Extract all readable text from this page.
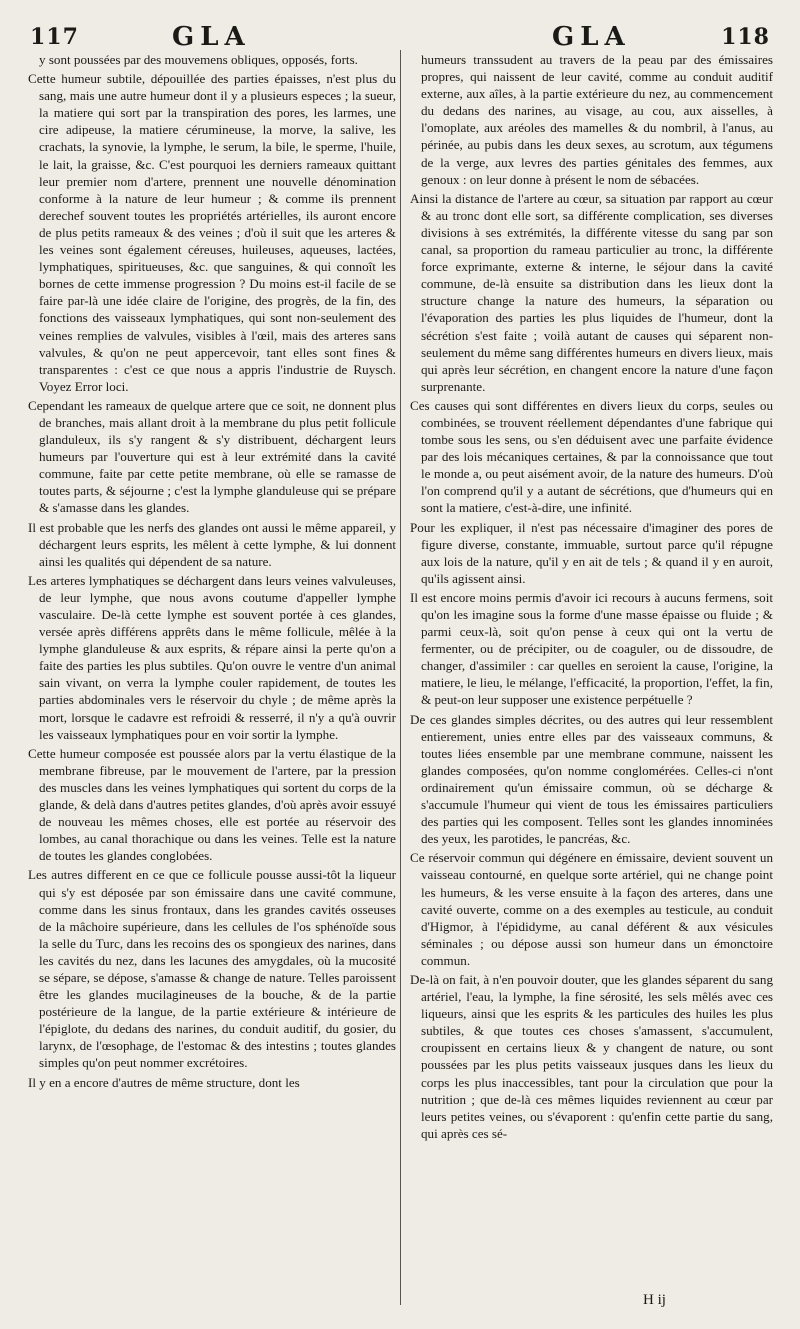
117	GLA	GLA	118

y sont poussées par des mouvemens obliques, opposés, forts.

Cette humeur subtile, dépouillée des parties épaisses, n'est plus du sang, mais une autre humeur dont il y a plusieurs especes ; la sueur, la matiere qui sort par la transpiration des pores, les larmes, une cire adipeuse, la matiere cérumineuse, la morve, la salive, les crachats, la synovie, la lymphe, le serum, la bile, le sperme, l'huile, le lait, la graisse, &c. C'est pourquoi les derniers rameaux quittant leur premier nom d'artere, prennent une nouvelle dénomination conforme à la nature de leur humeur ; & comme ils prennent derechef souvent toutes les propriétés artérielles, ils auront encore de plus petits rameaux & des veines ; d'où il suit que les arteres & les veines sont également céreuses, huileuses, aqueuses, lactées, lymphatiques, spiritueuses, &c. que sanguines, & qui connoît les bornes de cette immense progression ? Du moins est-il facile de se faire par-là une idée claire de l'origine, des progrès, de la fin, des fonctions des vaisseaux lymphatiques, qui sont non-seulement des veines remplies de valvules, visibles à l'œil, mais des arteres sans valvules, & qu'on ne peut appercevoir, tant elles sont fines & transparentes : c'est ce que nous a appris l'industrie de Ruysch. Voyez Error loci.

Cependant les rameaux de quelque artere que ce soit, ne donnent plus de branches, mais allant droit à la membrane du plus petit follicule glanduleux, ils s'y rangent & s'y distribuent, déchargent leurs humeurs par l'ouverture qui est à leur extrémité dans la cavité commune, faite par cette petite membrane, où elle se ramasse de toutes parts, & séjourne ; c'est la lymphe glanduleuse qui se prépare & s'amasse dans les glandes.

Il est probable que les nerfs des glandes ont aussi le même appareil, y déchargent leurs esprits, les mêlent à cette lymphe, & lui donnent ainsi les qualités qui dépendent de sa nature.

Les arteres lymphatiques se déchargent dans leurs veines valvuleuses, de leur lymphe, que nous avons coutume d'appeller lymphe vasculaire. De-là cette lymphe est souvent portée à ces glandes, versée après différens apprêts dans le même follicule, mêlée à la lymphe glanduleuse & aux esprits, & répare ainsi la perte qu'on a faite des parties les plus subtiles. Qu'on ouvre le ventre d'un animal sain vivant, on verra la lymphe couler rapidement, de toutes les parties abdominales vers le réservoir du chyle ; de même après la mort, lorsque le cadavre est refroidi & resserré, il n'y a qu'à ouvrir les vaisseaux lymphatiques pour en voir sortir la lymphe.

Cette humeur composée est poussée alors par la vertu élastique de la membrane fibreuse, par le mouvement de l'artere, par la pression des muscles dans les veines lymphatiques qui sortent du corps de la glande, & delà dans d'autres petites glandes, d'où après avoir essuyé de nouveau les mêmes choses, elle est portée au réservoir des lombes, au canal thorachique ou dans les veines. Telle est la nature de toutes les glandes conglobées.

Les autres different en ce que ce follicule pousse aussi-tôt la liqueur qui s'y est déposée par son émissaire dans une cavité commune, comme dans les sinus frontaux, dans les grandes cavités osseuses de la mâchoire supérieure, dans les cellules de l'os sphénoïde sous la selle du Turc, dans les recoins des os spongieux des narines, dans les cavités du nez, dans les lacunes des amygdales, où la mucosité se sépare, se dépose, s'amasse & change de nature. Telles paroissent être les glandes mucilagineuses de la bouche, & de la partie postérieure de la langue, de la partie extérieure & intérieure de l'épiglote, du dedans des narines, du conduit auditif, du gosier, du larynx, de l'œsophage, de l'estomac & des intestins ; toutes glandes simples qu'on peut nommer excrétoires.

Il y en a encore d'autres de même structure, dont les

humeurs transsudent au travers de la peau par des émissaires propres, qui naissent de leur cavité, comme au conduit auditif externe, aux aîles, à la partie extérieure du nez, au commencement du dedans des narines, au visage, au cou, aux aisselles, à l'omoplate, aux aréoles des mamelles & du nombril, à l'anus, au périnée, au pubis dans les deux sexes, au scrotum, aux tégumens de la verge, aux levres des parties génitales des femmes, aux genoux : on leur donne à présent le nom de sébacées.

Ainsi la distance de l'artere au cœur, sa situation par rapport au cœur & au tronc dont elle sort, sa différente complication, ses diverses divisions à ses extrémités, la différente vitesse du sang par son canal, sa proportion du rameau particulier au tronc, la différente force exprimante, externe & interne, le séjour dans la cavité commune, de-là ensuite sa distribution dans les lieux dont la structure change la nature des humeurs, la séparation ou l'évaporation des parties les plus liquides de l'humeur, dont la sécrétion s'est faite ; voilà autant de causes qui séparent non-seulement du même sang différentes humeurs en divers lieux, mais qui après leur sécrétion, en changent encore la nature d'une façon surprenante.

Ces causes qui sont différentes en divers lieux du corps, seules ou combinées, se trouvent réellement dépendantes d'une fabrique qui tombe sous les sens, ou s'en déduisent avec une parfaite évidence par des lois mécaniques certaines, & par la connoissance que tout le monde a, ou peut aisément avoir, de la nature des humeurs. D'où l'on comprend qu'il y a autant de sécrétions, que d'humeurs qui en sont la matiere, c'est-à-dire, une infinité.

Pour les expliquer, il n'est pas nécessaire d'imaginer des pores de figure diverse, constante, immuable, surtout parce qu'il répugne aux lois de la nature, qu'il y en ait de tels ; & quand il y en auroit, qu'ils agissent ainsi.

Il est encore moins permis d'avoir ici recours à aucuns fermens, soit qu'on les imagine sous la forme d'une masse épaisse ou fluide ; & parmi ceux-là, soit qu'on pense à ceux qui ont la vertu de fermenter, ou de précipiter, ou de coaguler, ou de dissoudre, de changer, d'assimiler : car quelles en seroient la cause, l'origine, la matiere, le lieu, le mélange, l'efficacité, la proportion, l'effet, la fin, & peut-on leur supposer une existence perpétuelle ?

De ces glandes simples décrites, ou des autres qui leur ressemblent entierement, unies entre elles par des vaisseaux communs, & toutes liées ensemble par une membrane commune, naissent les glandes composées, qu'on nomme conglomérées. Celles-ci n'ont ordinairement qu'un émissaire commun, où se décharge & s'accumule l'humeur qui vient de tous les émissaires particuliers des parties qui les composent. Telles sont les glandes innominées des yeux, les parotides, le pancréas, &c.

Ce réservoir commun qui dégénere en émissaire, devient souvent un vaisseau contourné, en quelque sorte artériel, qui ne change point les humeurs, & les verse ensuite à la façon des arteres, dans une cavité ouverte, comme on a des exemples au testicule, au conduit d'Higmor, à l'épididyme, au canal déférent & aux vésicules séminales ; ou dépose aussi son humeur dans un émonctoire commun.

De-là on fait, à n'en pouvoir douter, que les glandes séparent du sang artériel, l'eau, la lymphe, la fine sérosité, les sels mêlés avec ces liqueurs, ainsi que les esprits & les particules des huiles les plus subtiles, & que toutes ces choses s'amassent, s'accumulent, croupissent en certains lieux & y changent de nature, ou sont poussées par les plus petits vaisseaux jusques dans les lieux du corps les plus inaccessibles, tant pour la circulation que pour la nutrition ; que de-là ces mêmes liquides reviennent au cœur par leurs petites veines, ou s'évaporent : qu'enfin cette partie du sang, qui après ces sé-

H ij
